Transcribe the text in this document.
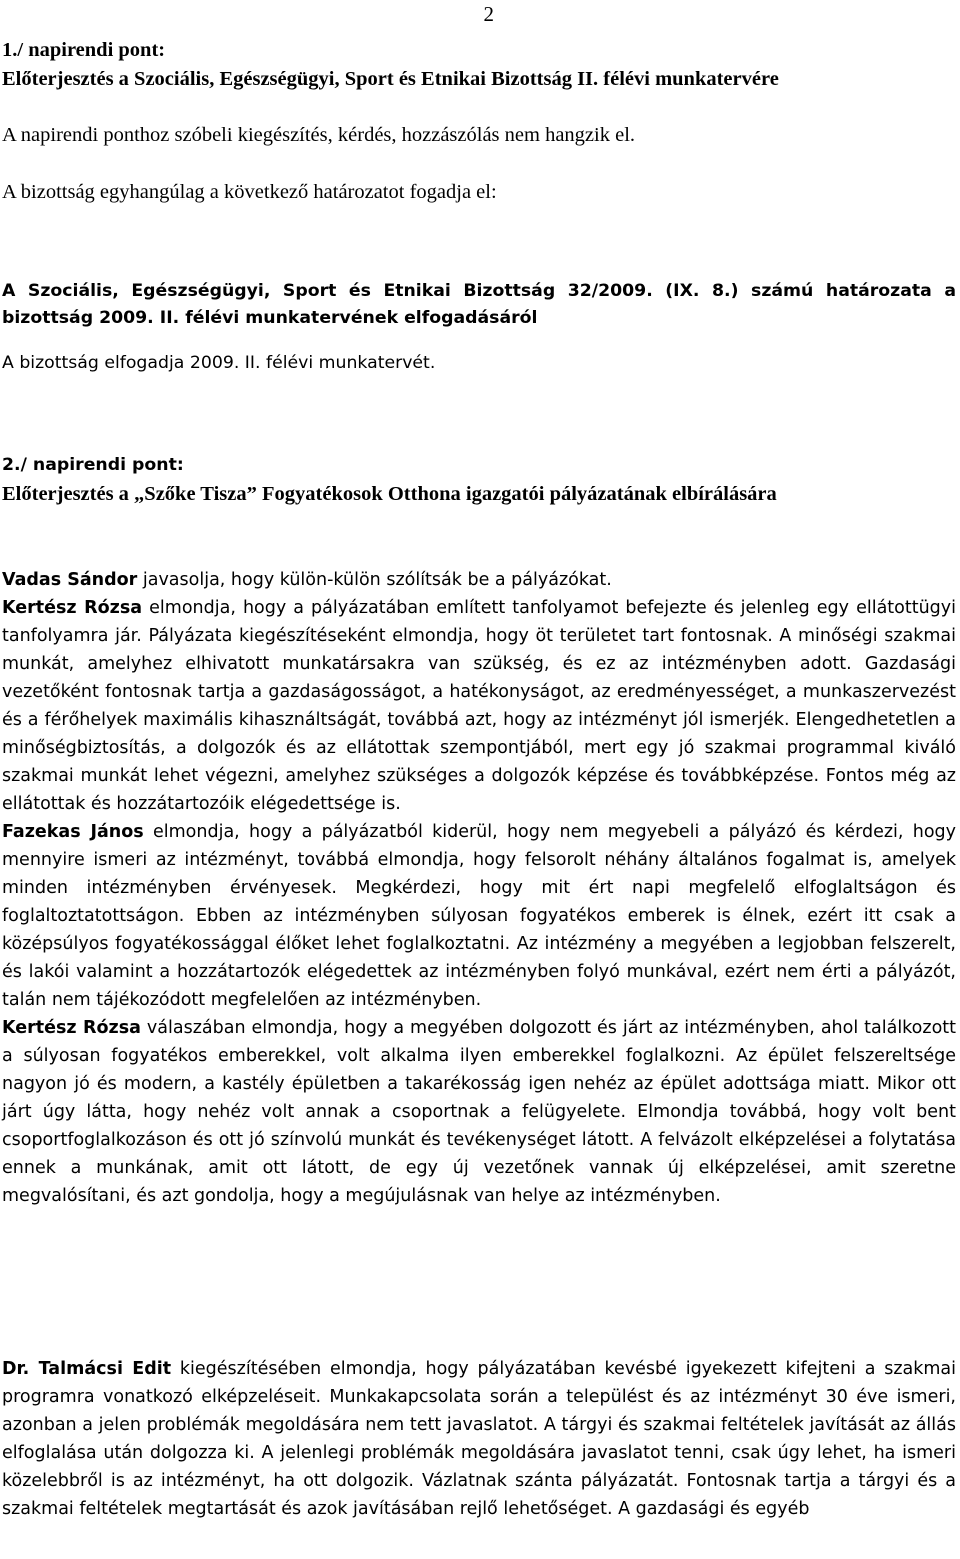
2

1./ napirendi pont:

Előterjesztés a Szociális, Egészségügyi, Sport és Etnikai Bizottság II. félévi munkatervére

A napirendi ponthoz szóbeli kiegészítés, kérdés, hozzászólás nem hangzik el.

A bizottság egyhangúlag a következő határozatot fogadja el:

A Szociális, Egészségügyi, Sport és Etnikai Bizottság 32/2009. (IX. 8.) számú határozata a bizottság 2009. II. félévi munkatervének elfogadásáról

A bizottság elfogadja 2009. II. félévi munkatervét.

2./ napirendi pont:

Előterjesztés a „Szőke Tisza” Fogyatékosok Otthona igazgatói pályázatának elbírálására

Vadas Sándor javasolja, hogy külön-külön szólítsák be a pályázókat.

Kertész Rózsa elmondja, hogy a pályázatában említett tanfolyamot befejezte és jelenleg egy ellátottügyi tanfolyamra jár. Pályázata kiegészítéseként elmondja, hogy öt területet tart fontosnak. A minőségi szakmai munkát, amelyhez elhivatott munkatársakra van szükség, és ez az intézményben adott. Gazdasági vezetőként fontosnak tartja a gazdaságosságot, a hatékonyságot, az eredményességet, a munkaszervezést és a férőhelyek maximális kihasználtságát, továbbá azt, hogy az intézményt jól ismerjék. Elengedhetetlen a minőségbiztosítás, a dolgozók és az ellátottak szempontjából, mert egy jó szakmai programmal kiváló szakmai munkát lehet végezni, amelyhez szükséges a dolgozók képzése és továbbképzése. Fontos még az ellátottak és hozzátartozóik elégedettsége is.

Fazekas János elmondja, hogy a pályázatból kiderül, hogy nem megyebeli a pályázó és kérdezi, hogy mennyire ismeri az intézményt, továbbá elmondja, hogy felsorolt néhány általános fogalmat is, amelyek minden intézményben érvényesek. Megkérdezi, hogy mit ért napi megfelelő elfoglaltságon és foglaltoztatottságon. Ebben az intézményben súlyosan fogyatékos emberek is élnek, ezért itt csak a középsúlyos fogyatékossággal élőket lehet foglalkoztatni. Az intézmény a megyében a legjobban felszerelt, és lakói valamint a hozzátartozók elégedettek az intézményben folyó munkával, ezért nem érti a pályázót, talán nem tájékozódott megfelelően az intézményben.

Kertész Rózsa válaszában elmondja, hogy a megyében dolgozott és járt az intézményben, ahol találkozott a súlyosan fogyatékos emberekkel, volt alkalma ilyen emberekkel foglalkozni. Az épület felszereltsége nagyon jó és modern, a kastély épületben a takarékosság igen nehéz az épület adottsága miatt. Mikor ott járt úgy látta, hogy nehéz volt annak a csoportnak a felügyelete. Elmondja továbbá, hogy volt bent csoportfoglalkozáson és ott jó színvolú munkát és tevékenységet látott. A felvázolt elképzelései a folytatása ennek a munkának, amit ott látott, de egy új vezetőnek vannak új elképzelései, amit szeretne megvalósítani, és azt gondolja, hogy a megújulásnak van helye az intézményben.

Dr. Talmácsi Edit kiegészítésében elmondja, hogy pályázatában kevésbé igyekezett kifejteni a szakmai programra vonatkozó elképzeléseit. Munkakapcsolata során a települést és az intézményt 30 éve ismeri, azonban a jelen problémák megoldására nem tett javaslatot. A tárgyi és szakmai feltételek javítását az állás elfoglalása után dolgozza ki. A jelenlegi problémák megoldására javaslatot tenni, csak úgy lehet, ha ismeri közelebbről is az intézményt, ha ott dolgozik. Vázlatnak szánta pályázatát. Fontosnak tartja a tárgyi és a szakmai feltételek megtartását és azok javításában rejlő lehetőséget. A gazdasági és egyéb
